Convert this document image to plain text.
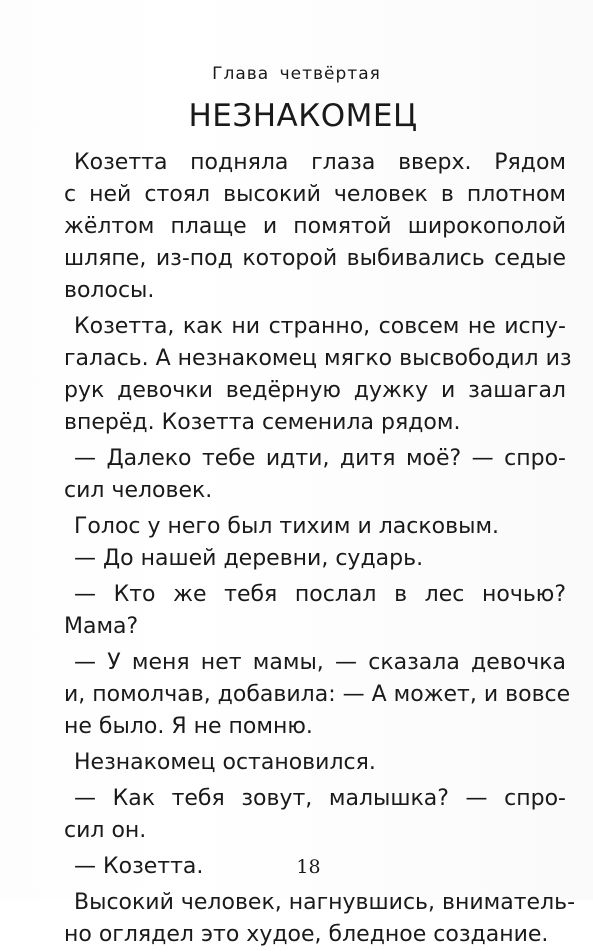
Глава четвёртая
НЕЗНАКОМЕЦ
Козетта подняла глаза вверх. Рядом
с ней стоял высокий человек в плотном
жёлтом плаще и помятой широкополой
шляпе, из-под которой выбивались седые
волосы.
Козетта, как ни странно, совсем не испу-
галась. А незнакомец мягко высвободил из
рук девочки ведёрную дужку и зашагал
вперёд. Козетта семенила рядом.
— Далеко тебе идти, дитя моё? — спро-
сил человек.
Голос у него был тихим и ласковым.
— До нашей деревни, сударь.
— Кто же тебя послал в лес ночью?
Мама?
— У меня нет мамы, — сказала девочка
и, помолчав, добавила: — А может, и вовсе
не было. Я не помню.
Незнакомец остановился.
— Как тебя зовут, малышка? — спро-
сил он.
— Козетта.
Высокий человек, нагнувшись, вниматель-
но оглядел это худое, бледное создание.
18
